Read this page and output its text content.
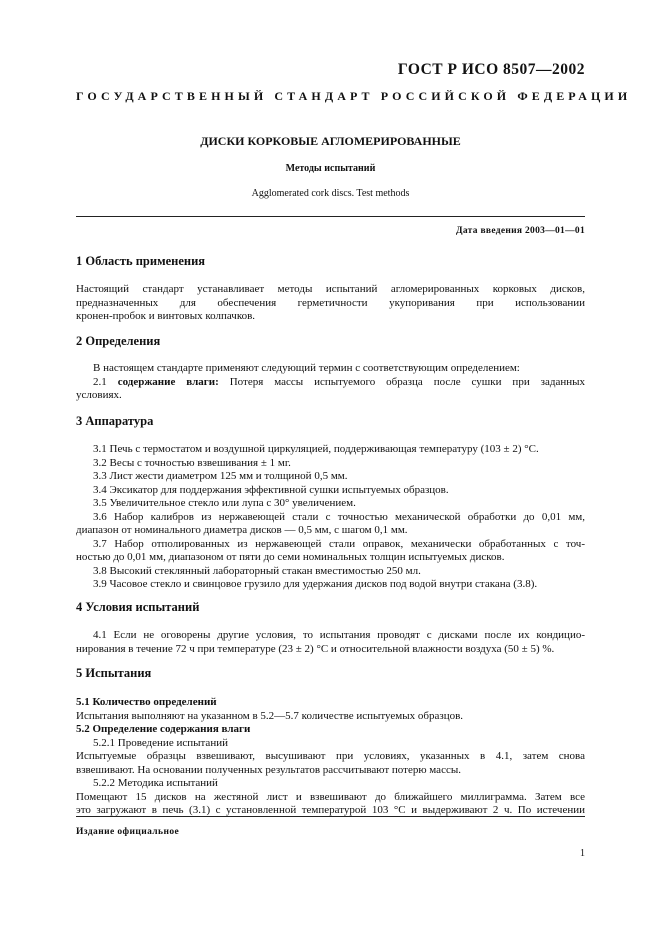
ГОСТ Р ИСО 8507—2002
ГОСУДАРСТВЕННЫЙ СТАНДАРТ РОССИЙСКОЙ ФЕДЕРАЦИИ
ДИСКИ КОРКОВЫЕ АГЛОМЕРИРОВАННЫЕ
Методы испытаний
Agglomerated cork discs. Test methods
Дата введения 2003—01—01
1 Область применения
Настоящий стандарт устанавливает методы испытаний агломерированных корковых дисков,
предназначенных для обеспечения герметичности укупоривания при использовании
кронен-пробок и винтовых колпачков.
2 Определения
В настоящем стандарте применяют следующий термин с соответствующим определением:
2.1 содержание влаги: Потеря массы испытуемого образца после сушки при заданных
условиях.
3 Аппаратура
3.1 Печь с термостатом и воздушной циркуляцией, поддерживающая температуру (103 ± 2) °С.
3.2 Весы с точностью взвешивания ± 1 мг.
3.3 Лист жести диаметром 125 мм и толщиной 0,5 мм.
3.4 Эксикатор для поддержания эффективной сушки испытуемых образцов.
3.5 Увеличительное стекло или лупа с 30° увеличением.
3.6 Набор калибров из нержавеющей стали с точностью механической обработки до 0,01 мм,
диапазон от номинального диаметра дисков — 0,5 мм, с шагом 0,1 мм.
3.7 Набор отполированных из нержавеющей стали оправок, механически обработанных с точ-
ностью до 0,01 мм, диапазоном от пяти до семи номинальных толщин испытуемых дисков.
3.8 Высокий стеклянный лабораторный стакан вместимостью 250 мл.
3.9 Часовое стекло и свинцовое грузило для удержания дисков под водой внутри стакана (3.8).
4 Условия испытаний
4.1 Если не оговорены другие условия, то испытания проводят с дисками после их кондицио-
нирования в течение 72 ч при температуре (23 ± 2) °С и относительной влажности воздуха (50 ± 5) %.
5 Испытания
5.1 Количество определений
Испытания выполняют на указанном в 5.2—5.7 количестве испытуемых образцов.
5.2 Определение содержания влаги
5.2.1 Проведение испытаний
Испытуемые образцы взвешивают, высушивают при условиях, указанных в 4.1, затем снова
взвешивают. На основании полученных результатов рассчитывают потерю массы.
5.2.2 Методика испытаний
Помещают 15 дисков на жестяной лист и взвешивают до ближайшего миллиграмма. Затем все
это загружают в печь (3.1) с установленной температурой 103 °С и выдерживают 2 ч. По истечении
Издание официальное
1
